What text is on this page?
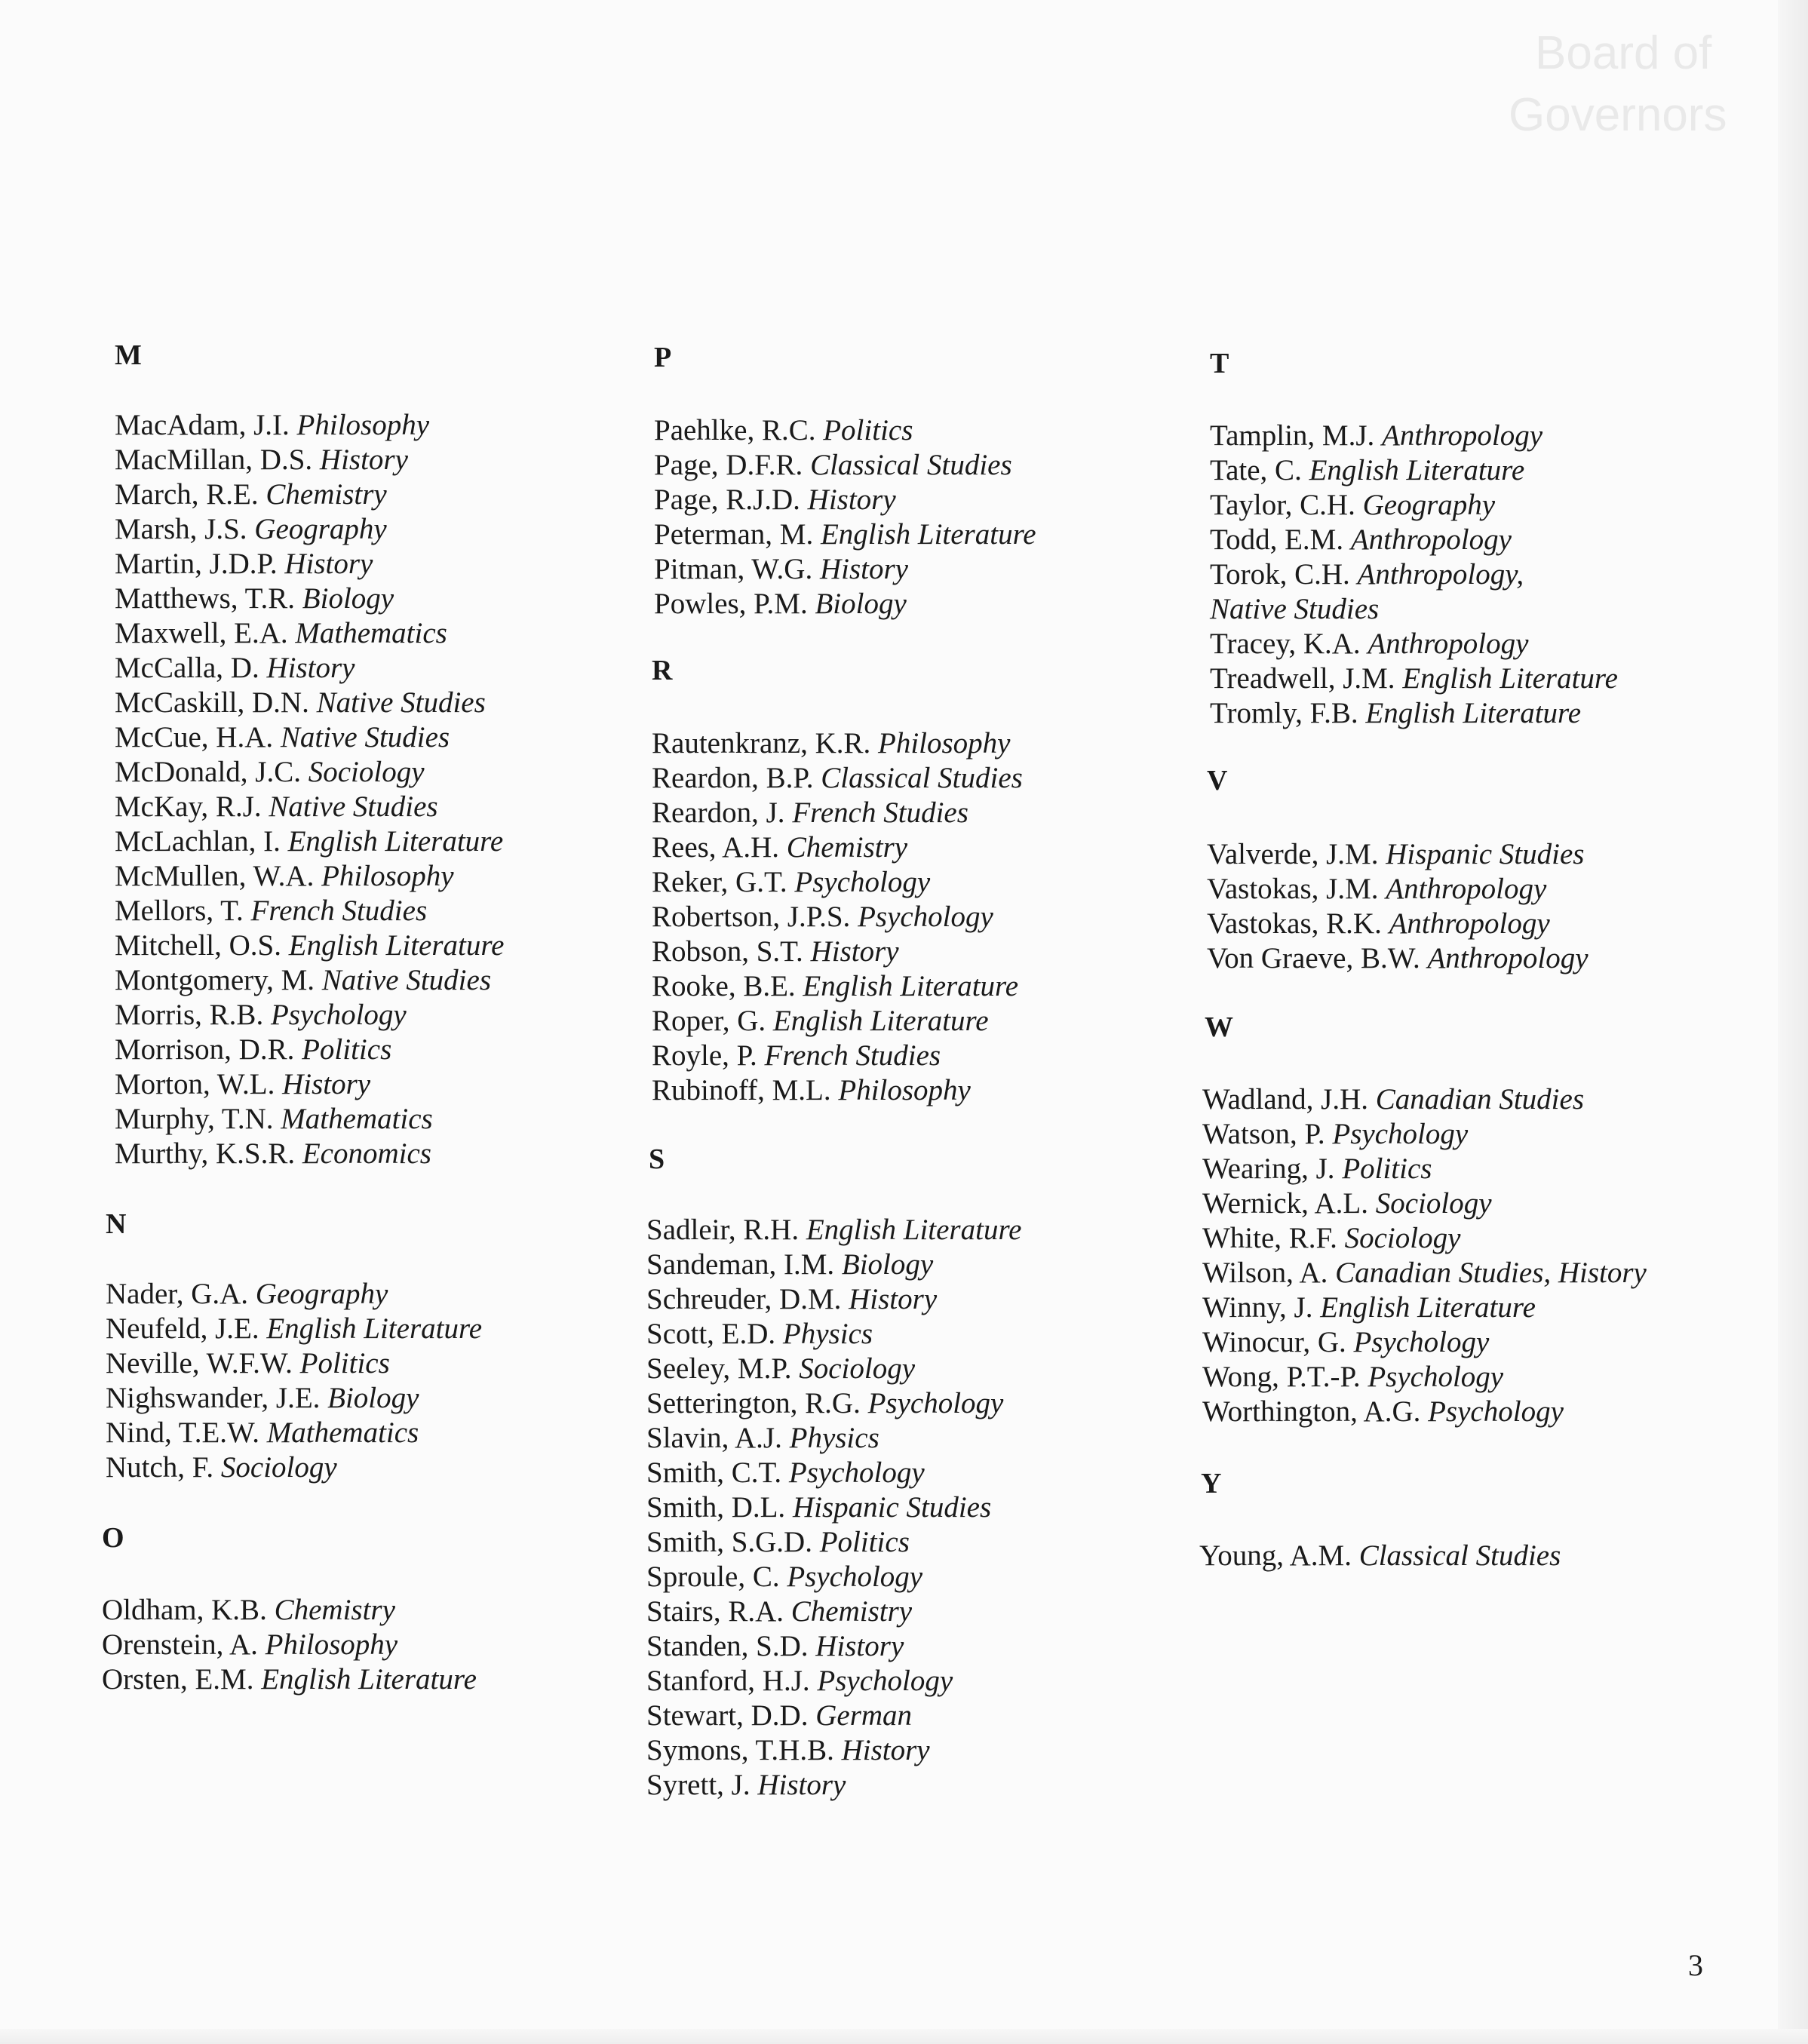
Board of
Governors
M
MacAdam, J.I. Philosophy
MacMillan, D.S. History
March, R.E. Chemistry
Marsh, J.S. Geography
Martin, J.D.P. History
Matthews, T.R. Biology
Maxwell, E.A. Mathematics
McCalla, D. History
McCaskill, D.N. Native Studies
McCue, H.A. Native Studies
McDonald, J.C. Sociology
McKay, R.J. Native Studies
McLachlan, I. English Literature
McMullen, W.A. Philosophy
Mellors, T. French Studies
Mitchell, O.S. English Literature
Montgomery, M. Native Studies
Morris, R.B. Psychology
Morrison, D.R. Politics
Morton, W.L. History
Murphy, T.N. Mathematics
Murthy, K.S.R. Economics
N
Nader, G.A. Geography
Neufeld, J.E. English Literature
Neville, W.F.W. Politics
Nighswander, J.E. Biology
Nind, T.E.W. Mathematics
Nutch, F. Sociology
O
Oldham, K.B. Chemistry
Orenstein, A. Philosophy
Orsten, E.M. English Literature
P
Paehlke, R.C. Politics
Page, D.F.R. Classical Studies
Page, R.J.D. History
Peterman, M. English Literature
Pitman, W.G. History
Powles, P.M. Biology
R
Rautenkranz, K.R. Philosophy
Reardon, B.P. Classical Studies
Reardon, J. French Studies
Rees, A.H. Chemistry
Reker, G.T. Psychology
Robertson, J.P.S. Psychology
Robson, S.T. History
Rooke, B.E. English Literature
Roper, G. English Literature
Royle, P. French Studies
Rubinoff, M.L. Philosophy
S
Sadleir, R.H. English Literature
Sandeman, I.M. Biology
Schreuder, D.M. History
Scott, E.D. Physics
Seeley, M.P. Sociology
Setterington, R.G. Psychology
Slavin, A.J. Physics
Smith, C.T. Psychology
Smith, D.L. Hispanic Studies
Smith, S.G.D. Politics
Sproule, C. Psychology
Stairs, R.A. Chemistry
Standen, S.D. History
Stanford, H.J. Psychology
Stewart, D.D. German
Symons, T.H.B. History
Syrett, J. History
T
Tamplin, M.J. Anthropology
Tate, C. English Literature
Taylor, C.H. Geography
Todd, E.M. Anthropology
Torok, C.H. Anthropology,
Native Studies
Tracey, K.A. Anthropology
Treadwell, J.M. English Literature
Tromly, F.B. English Literature
V
Valverde, J.M. Hispanic Studies
Vastokas, J.M. Anthropology
Vastokas, R.K. Anthropology
Von Graeve, B.W. Anthropology
W
Wadland, J.H. Canadian Studies
Watson, P. Psychology
Wearing, J. Politics
Wernick, A.L. Sociology
White, R.F. Sociology
Wilson, A. Canadian Studies, History
Winny, J. English Literature
Winocur, G. Psychology
Wong, P.T.-P. Psychology
Worthington, A.G. Psychology
Y
Young, A.M. Classical Studies
3
